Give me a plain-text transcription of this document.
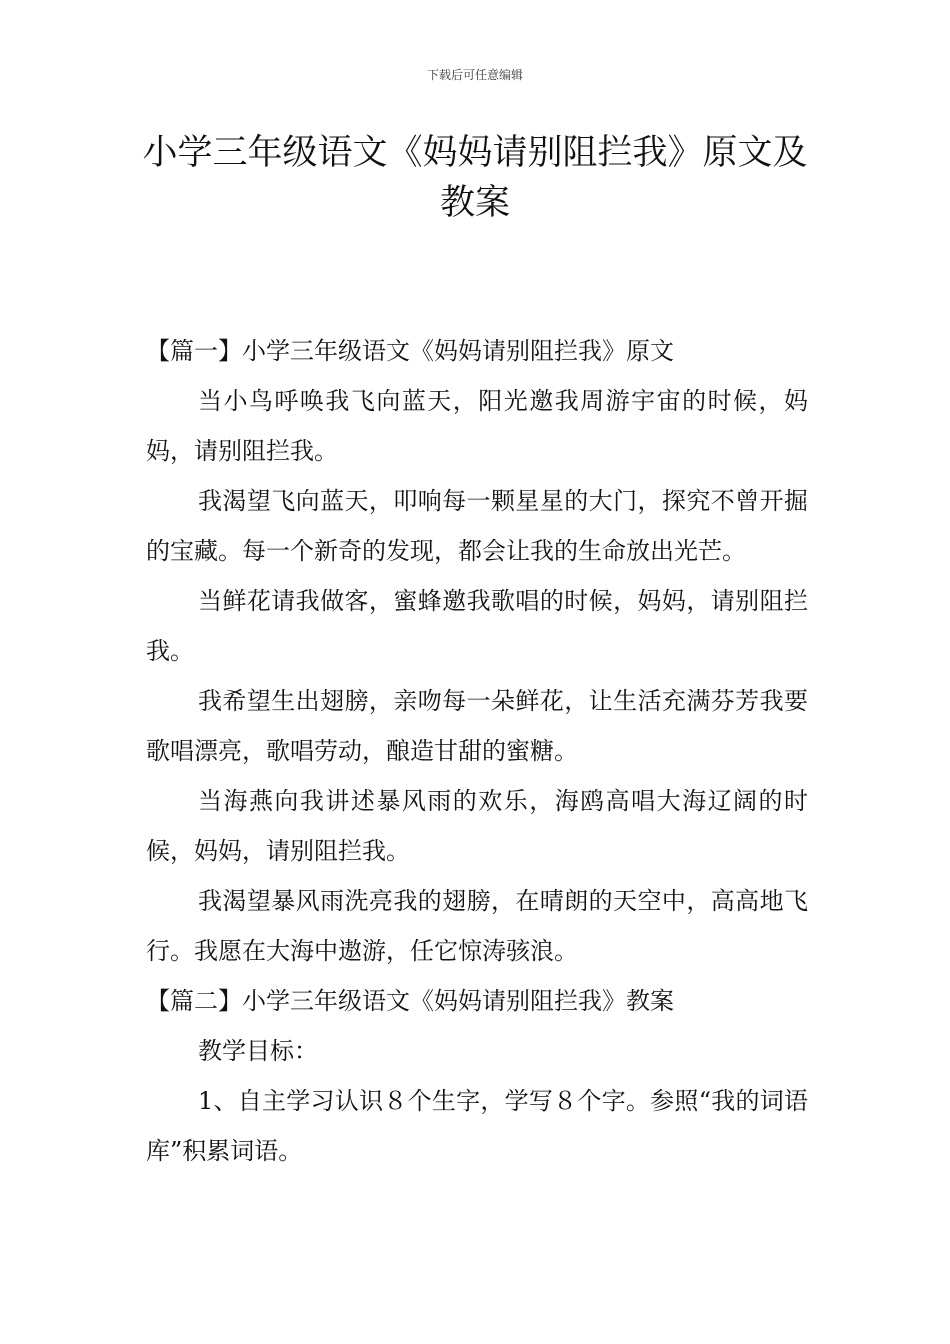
下载后可任意编辑
小学三年级语文《妈妈请别阻拦我》原文及教案

【篇一】小学三年级语文《妈妈请别阻拦我》原文

当小鸟呼唤我飞向蓝天，阳光邀我周游宇宙的时候，妈妈，请别阻拦我。

我渴望飞向蓝天，叩响每一颗星星的大门，探究不曾开掘的宝藏。每一个新奇的发现，都会让我的生命放出光芒。

当鲜花请我做客，蜜蜂邀我歌唱的时候，妈妈，请别阻拦我。

我希望生出翅膀，亲吻每一朵鲜花，让生活充满芬芳我要歌唱漂亮，歌唱劳动，酿造甘甜的蜜糖。

当海燕向我讲述暴风雨的欢乐，海鸥高唱大海辽阔的时候，妈妈，请别阻拦我。

我渴望暴风雨洗亮我的翅膀，在晴朗的天空中，高高地飞行。我愿在大海中遨游，任它惊涛骇浪。

【篇二】小学三年级语文《妈妈请别阻拦我》教案

教学目标：

1、自主学习认识８个生字，学写８个字。参照“我的词语库”积累词语。
